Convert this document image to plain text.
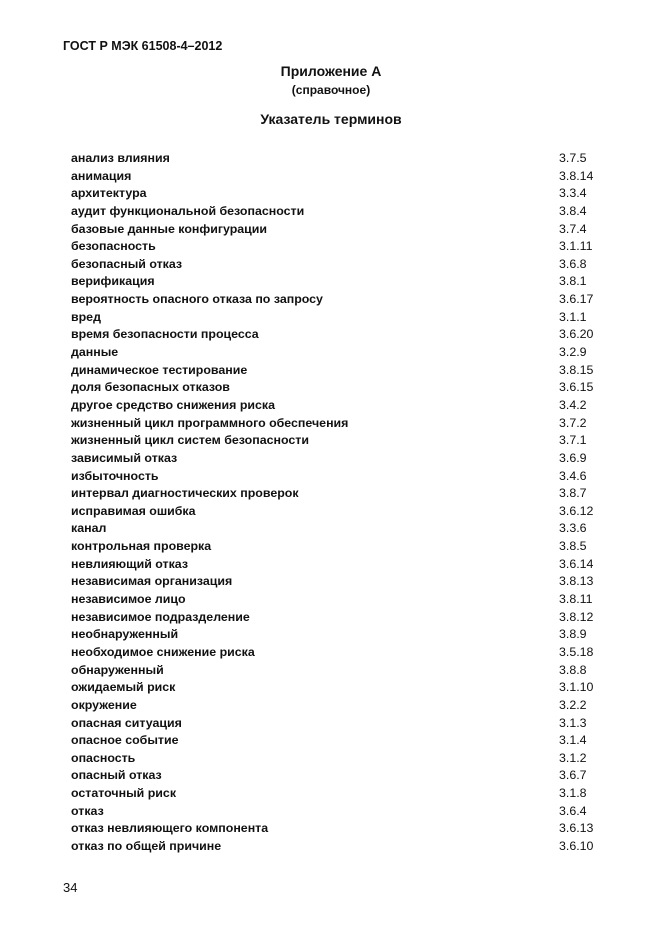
ГОСТ Р МЭК 61508-4–2012
Приложение А
(справочное)
Указатель терминов
анализ влияния	3.7.5
анимация	3.8.14
архитектура	3.3.4
аудит функциональной безопасности	3.8.4
базовые данные конфигурации	3.7.4
безопасность	3.1.11
безопасный отказ	3.6.8
верификация	3.8.1
вероятность опасного отказа по запросу	3.6.17
вред	3.1.1
время безопасности процесса	3.6.20
данные	3.2.9
динамическое тестирование	3.8.15
доля безопасных отказов	3.6.15
другое средство снижения риска	3.4.2
жизненный цикл программного обеспечения	3.7.2
жизненный цикл систем безопасности	3.7.1
зависимый отказ	3.6.9
избыточность	3.4.6
интервал диагностических проверок	3.8.7
исправимая ошибка	3.6.12
канал	3.3.6
контрольная проверка	3.8.5
невлияющий отказ	3.6.14
независимая организация	3.8.13
независимое лицо	3.8.11
независимое подразделение	3.8.12
необнаруженный	3.8.9
необходимое снижение риска	3.5.18
обнаруженный	3.8.8
ожидаемый риск	3.1.10
окружение	3.2.2
опасная ситуация	3.1.3
опасное событие	3.1.4
опасность	3.1.2
опасный отказ	3.6.7
остаточный риск	3.1.8
отказ	3.6.4
отказ невлияющего компонента	3.6.13
отказ по общей причине	3.6.10
34
